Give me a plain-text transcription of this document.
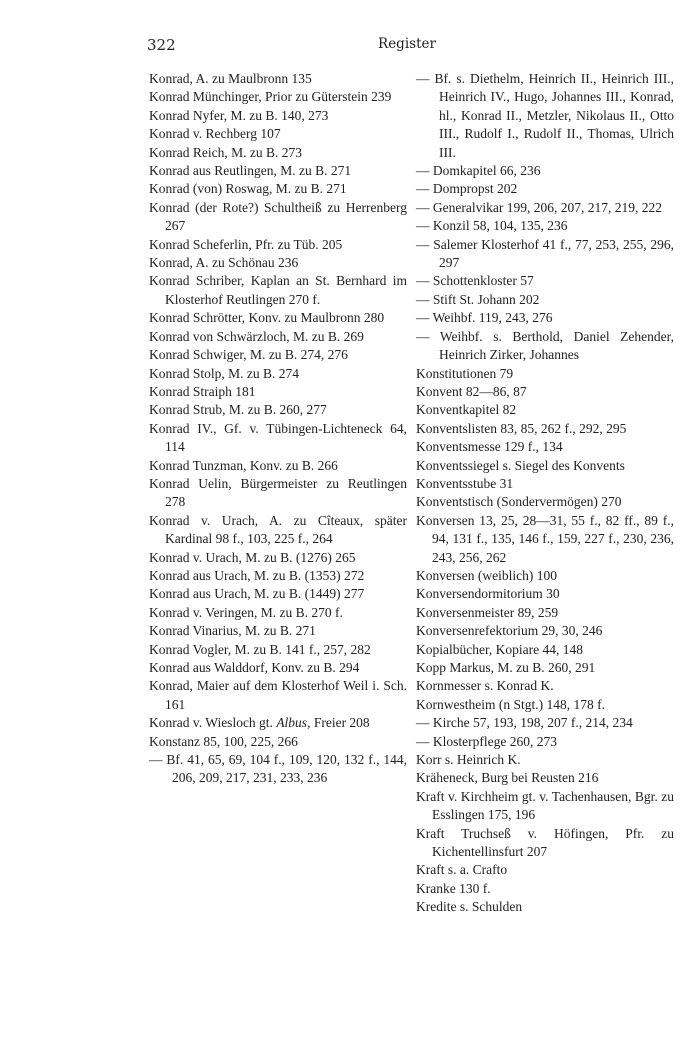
322	Register

Konrad, A. zu Maulbronn 135

Konrad Münchinger, Prior zu Güterstein 239

Konrad Nyfer, M. zu B. 140, 273

Konrad v. Rechberg 107

Konrad Reich, M. zu B. 273

Konrad aus Reutlingen, M. zu B. 271

Konrad (von) Roswag, M. zu B. 271

Konrad (der Rote?) Schultheiß zu Herrenberg 267

Konrad Scheferlin, Pfr. zu Tüb. 205

Konrad, A. zu Schönau 236

Konrad Schriber, Kaplan an St. Bernhard im Klosterhof Reutlingen 270 f.

Konrad Schrötter, Konv. zu Maulbronn 280

Konrad von Schwärzloch, M. zu B. 269

Konrad Schwiger, M. zu B. 274, 276

Konrad Stolp, M. zu B. 274

Konrad Straiph 181

Konrad Strub, M. zu B. 260, 277

Konrad IV., Gf. v. Tübingen-Lichteneck 64, 114

Konrad Tunzman, Konv. zu B. 266

Konrad Uelin, Bürgermeister zu Reutlingen 278

Konrad v. Urach, A. zu Cîteaux, später Kardinal 98 f., 103, 225 f., 264

Konrad v. Urach, M. zu B. (1276) 265

Konrad aus Urach, M. zu B. (1353) 272

Konrad aus Urach, M. zu B. (1449) 277

Konrad v. Veringen, M. zu B. 270 f.

Konrad Vinarius, M. zu B. 271

Konrad Vogler, M. zu B. 141 f., 257, 282

Konrad aus Walddorf, Konv. zu B. 294

Konrad, Maier auf dem Klosterhof Weil i. Sch. 161

Konrad v. Wiesloch gt. Albus, Freier 208

Konstanz 85, 100, 225, 266

— Bf. 41, 65, 69, 104 f., 109, 120, 132 f., 144, 206, 209, 217, 231, 233, 236

— Bf. s. Diethelm, Heinrich II., Heinrich III., Heinrich IV., Hugo, Johannes III., Konrad, hl., Konrad II., Metzler, Nikolaus II., Otto III., Rudolf I., Rudolf II., Thomas, Ulrich III.

— Domkapitel 66, 236

— Dompropst 202

— Generalvikar 199, 206, 207, 217, 219, 222

— Konzil 58, 104, 135, 236

— Salemer Klosterhof 41 f., 77, 253, 255, 296, 297

— Schottenkloster 57

— Stift St. Johann 202

— Weihbf. 119, 243, 276

— Weihbf. s. Berthold, Daniel Zehender, Heinrich Zirker, Johannes

Konstitutionen 79

Konvent 82—86, 87

Konventkapitel 82

Konventslisten 83, 85, 262 f., 292, 295

Konventsmesse 129 f., 134

Konventssiegel s. Siegel des Konvents

Konventsstube 31

Konventstisch (Sondervermögen) 270

Konversen 13, 25, 28—31, 55 f., 82 ff., 89 f., 94, 131 f., 135, 146 f., 159, 227 f., 230, 236, 243, 256, 262

Konversen (weiblich) 100

Konversendormitorium 30

Konversenmeister 89, 259

Konversenrefektorium 29, 30, 246

Kopialbücher, Kopiare 44, 148

Kopp Markus, M. zu B. 260, 291

Kornmesser s. Konrad K.

Kornwestheim (n Stgt.) 148, 178 f.

— Kirche 57, 193, 198, 207 f., 214, 234

— Klosterpflege 260, 273

Korr s. Heinrich K.

Kräheneck, Burg bei Reusten 216

Kraft v. Kirchheim gt. v. Tachenhausen, Bgr. zu Esslingen 175, 196

Kraft Truchseß v. Höfingen, Pfr. zu Kichentellinsfurt 207

Kraft s. a. Crafto

Kranke 130 f.

Kredite s. Schulden
